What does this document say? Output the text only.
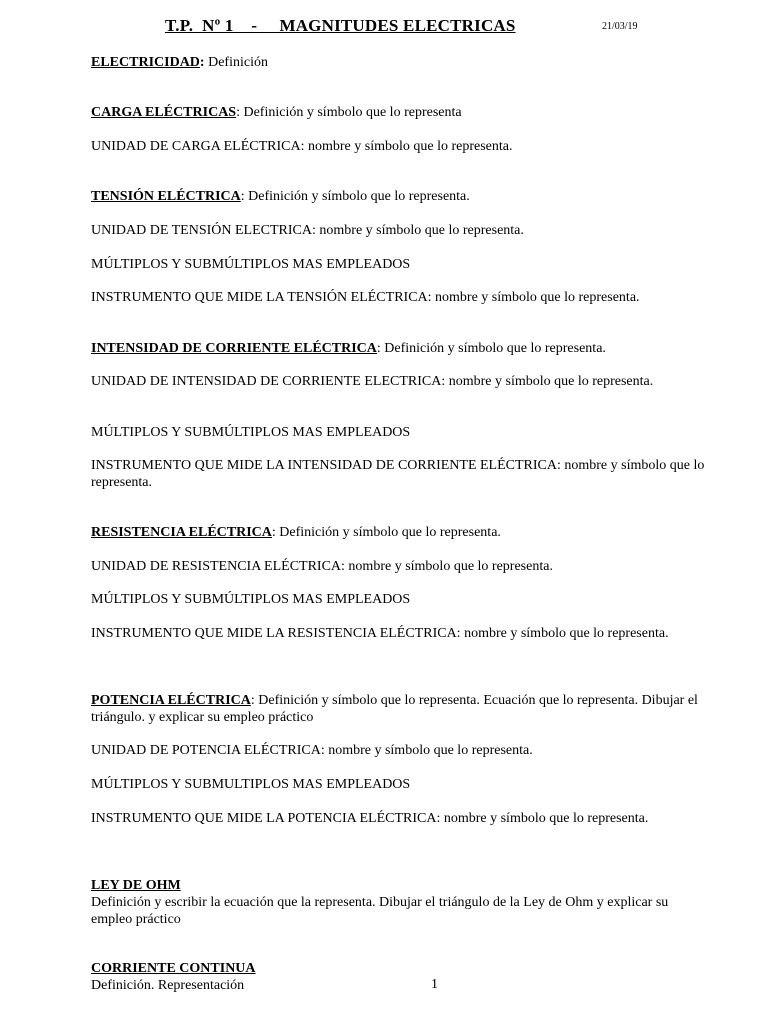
T.P.  Nº 1    -     MAGNITUDES ELECTRICAS	21/03/19
ELECTRICIDAD: Definición
CARGA ELÉCTRICAS: Definición y símbolo que lo representa
UNIDAD DE CARGA ELÉCTRICA: nombre y símbolo que lo representa.
TENSIÓN ELÉCTRICA: Definición y símbolo que lo representa.
UNIDAD DE TENSIÓN ELECTRICA: nombre y símbolo que lo representa.
MÚLTIPLOS Y SUBMÚLTIPLOS MAS EMPLEADOS
INSTRUMENTO QUE MIDE LA TENSIÓN ELÉCTRICA: nombre y símbolo que lo representa.
INTENSIDAD DE CORRIENTE ELÉCTRICA: Definición y símbolo que lo representa.
UNIDAD DE INTENSIDAD DE CORRIENTE ELECTRICA: nombre y símbolo que lo representa.
MÚLTIPLOS Y SUBMÚLTIPLOS MAS EMPLEADOS
INSTRUMENTO QUE MIDE LA INTENSIDAD DE CORRIENTE ELÉCTRICA: nombre y símbolo que lo representa.
RESISTENCIA ELÉCTRICA: Definición y símbolo que lo representa.
UNIDAD DE RESISTENCIA ELÉCTRICA: nombre y símbolo que lo representa.
MÚLTIPLOS Y SUBMÚLTIPLOS MAS EMPLEADOS
INSTRUMENTO QUE MIDE LA RESISTENCIA ELÉCTRICA: nombre y símbolo que lo representa.
POTENCIA ELÉCTRICA: Definición y símbolo que lo representa. Ecuación que lo representa. Dibujar el triángulo. y explicar su empleo práctico
UNIDAD DE POTENCIA ELÉCTRICA: nombre y símbolo que lo representa.
MÚLTIPLOS Y SUBMULTIPLOS MAS EMPLEADOS
INSTRUMENTO QUE MIDE LA POTENCIA ELÉCTRICA: nombre y símbolo que lo representa.
LEY DE OHM
Definición y escribir la ecuación que la representa. Dibujar el triángulo de la Ley de Ohm y explicar su empleo práctico
CORRIENTE CONTINUA
Definición. Representación	1
